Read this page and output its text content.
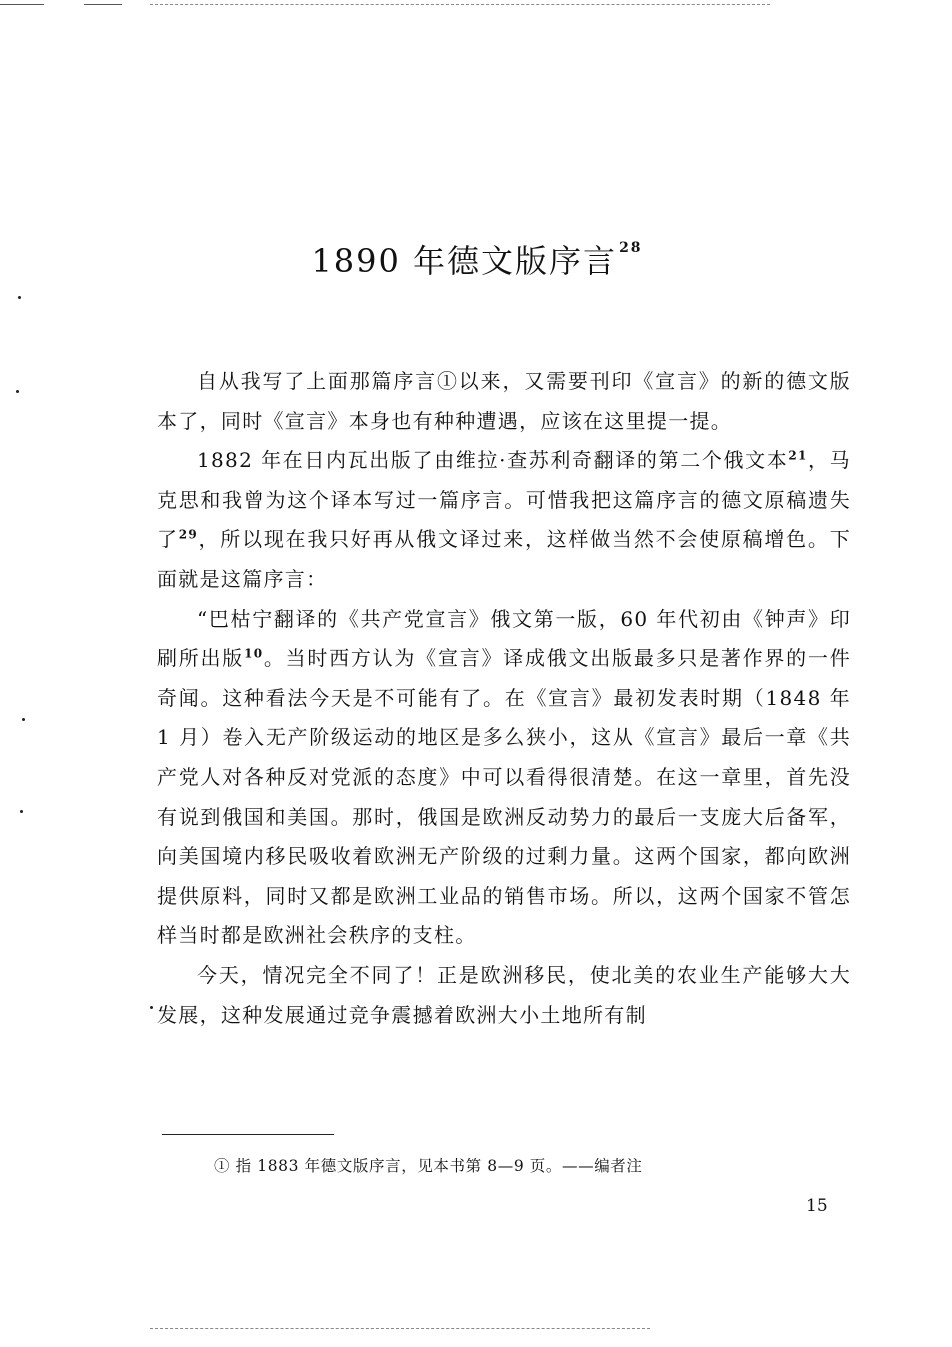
1890 年德文版序言 $^{28}$

自从我写了上面那篇序言①以来，又需要刊印《宣言》的新的德文版本了，同时《宣言》本身也有种种遭遇，应该在这里提一提。

1882 年在日内瓦出版了由维拉·查苏利奇翻译的第二个俄文本$^{21}$，马克思和我曾为这个译本写过一篇序言。可惜我把这篇序言的德文原稿遗失了$^{29}$，所以现在我只好再从俄文译过来，这样做当然不会使原稿增色。下面就是这篇序言：

“巴枯宁翻译的《共产党宣言》俄文第一版，60 年代初由《钟声》印刷所出版$^{10}$。当时西方认为《宣言》译成俄文出版最多只是著作界的一件奇闻。这种看法今天是不可能有了。在《宣言》最初发表时期（1848 年 1 月）卷入无产阶级运动的地区是多么狭小，这从《宣言》最后一章《共产党人对各种反对党派的态度》中可以看得很清楚。在这一章里，首先没有说到俄国和美国。那时，俄国是欧洲反动势力的最后一支庞大后备军，向美国境内移民吸收着欧洲无产阶级的过剩力量。这两个国家，都向欧洲提供原料，同时又都是欧洲工业品的销售市场。所以，这两个国家不管怎样当时都是欧洲社会秩序的支柱。

今天，情况完全不同了！正是欧洲移民，使北美的农业生产能够大大发展，这种发展通过竞争震撼着欧洲大小土地所有制

① 指 1883 年德文版序言，见本书第 8—9 页。——编者注
15
